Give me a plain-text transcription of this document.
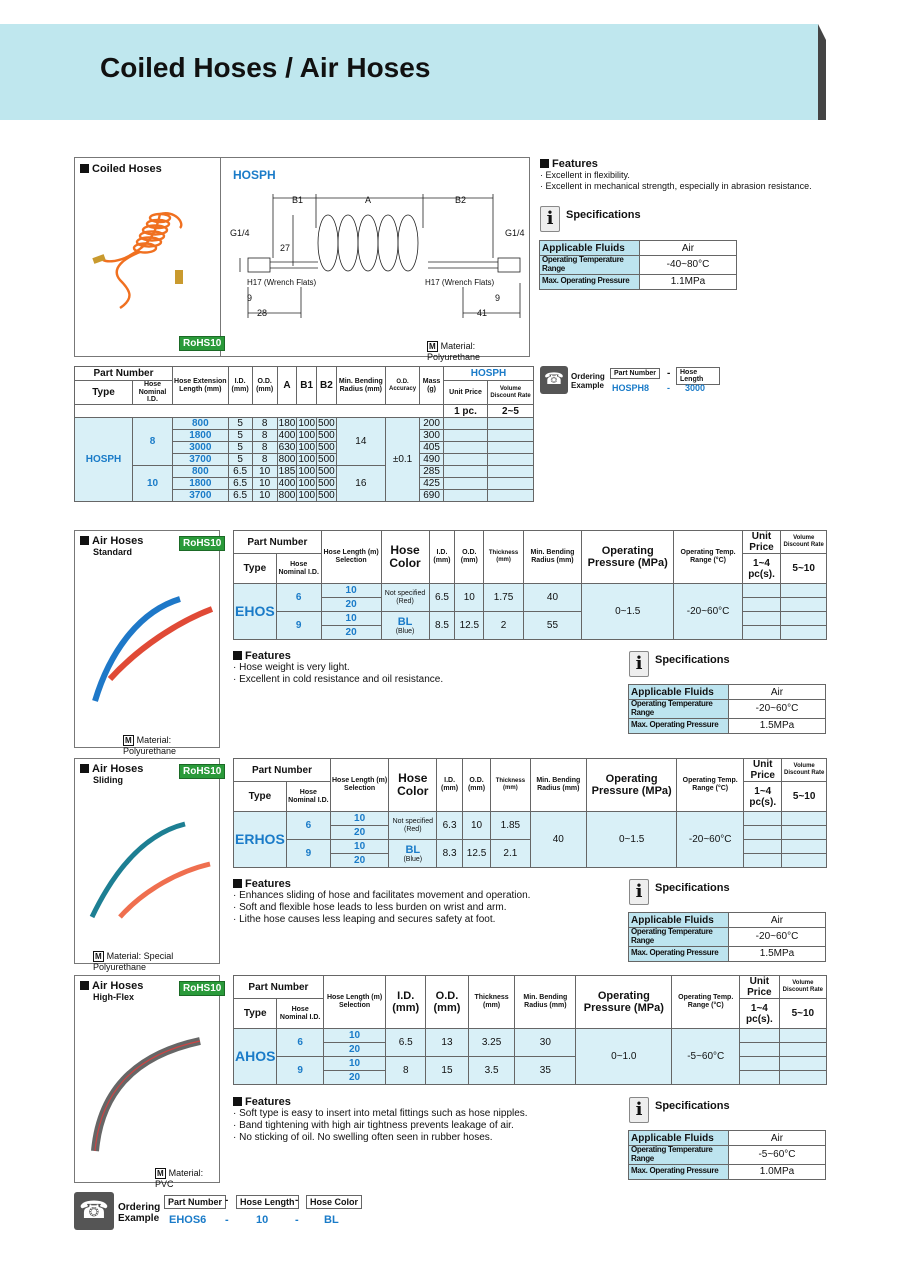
Coiled Hoses / Air Hoses
Coiled Hoses
RoHS10
HOSPH
B1	A	B2
G1/4	G1/4
27
9
28
9
41
H17 (Wrench Flats)	H17 (Wrench Flats)
M Material: Polyurethane
Features
· Excellent in flexibility.
· Excellent in mechanical strength, especially in abrasion resistance.
i Specifications
Applicable Fluids	Air
Operating Temperature Range	-40~80°C
Max. Operating Pressure	1.1MPa
Part Number		Hose Extension Length (mm)	I.D. (mm)	O.D. (mm)	A	B1	B2	Min. Bending Radius (mm)	O.D. Accuracy	Mass (g)	HOSPH	
Type	Hose Nominal I.D.										Unit Price	Volume Discount Rate
											1 pc.	2~5
HOSPH	8	800	5	8	180	100	500	14	±0.1	200		
		1800	5	8	400	100	500			300		
		3000	5	8	630	100	500			405		
		3700	5	8	800	100	500			490		
	10	800	6.5	10	185	100	500	16		285		
		1800	6.5	10	400	100	500			425		
		3700	6.5	10	800	100	500			690		
☎ Ordering
Example
Part Number	-	Hose Length
HOSPH8 - 3000
Air Hoses
Standard
RoHS10
M Material: Polyurethane
Part Number		Hose Length (m) Selection	Hose Color	I.D. (mm)	O.D. (mm)	Thickness (mm)	Min. Bending Radius (mm)	Operating Pressure (MPa)	Operating Temp. Range (°C)	Unit Price	Volume Discount Rate
Type	Hose Nominal I.D.									1~4 pc(s).	5~10
EHOS	6	10	Not specified
(Red)	6.5	10	1.75	40	0~1.5	-20~60°C		
		20									
	9	10	BL
(Blue)	8.5	12.5	2	55				
		20									
Features
· Hose weight is very light.
· Excellent in cold resistance and oil resistance.
i Specifications
Applicable Fluids	Air
Operating Temperature Range	-20~60°C
Max. Operating Pressure	1.5MPa
Air Hoses
Sliding
RoHS10
M Material: Special Polyurethane
Part Number		Hose Length (m) Selection	Hose Color	I.D. (mm)	O.D. (mm)	Thickness (mm)	Min. Bending Radius (mm)	Operating Pressure (MPa)	Operating Temp. Range (°C)	Unit Price	Volume Discount Rate
Type	Hose Nominal I.D.									1~4 pc(s).	5~10
ERHOS	6	10	Not specified
(Red)	6.3	10	1.85	40	0~1.5	-20~60°C		
		20									
	9	10	BL
(Blue)	8.3	12.5	2.1					
		20									
Features
· Enhances sliding of hose and facilitates movement and operation.
· Soft and flexible hose leads to less burden on wrist and arm.
· Lithe hose causes less leaping and secures safety at foot.
i Specifications
Applicable Fluids	Air
Operating Temperature Range	-20~60°C
Max. Operating Pressure	1.5MPa
Air Hoses
High-Flex
RoHS10
M Material: PVC
Part Number		Hose Length (m) Selection	I.D. (mm)	O.D. (mm)	Thickness (mm)	Min. Bending Radius (mm)	Operating Pressure (MPa)	Operating Temp. Range (°C)	Unit Price	Volume Discount Rate
Type	Hose Nominal I.D.								1~4 pc(s).	5~10
AHOS	6	10	6.5	13	3.25	30	0~1.0	-5~60°C		
		20								
	9	10	8	15	3.5	35				
		20								
Features
· Soft type is easy to insert into metal fittings such as hose nipples.
· Band tightening with high air tightness prevents leakage of air.
· No sticking of oil. No swelling often seen in rubber hoses.
i Specifications
Applicable Fluids	Air
Operating Temperature Range	-5~60°C
Max. Operating Pressure	1.0MPa
☎ Ordering
Example
Part Number -	Hose Length -	Hose Color
EHOS6 - 10 - BL
